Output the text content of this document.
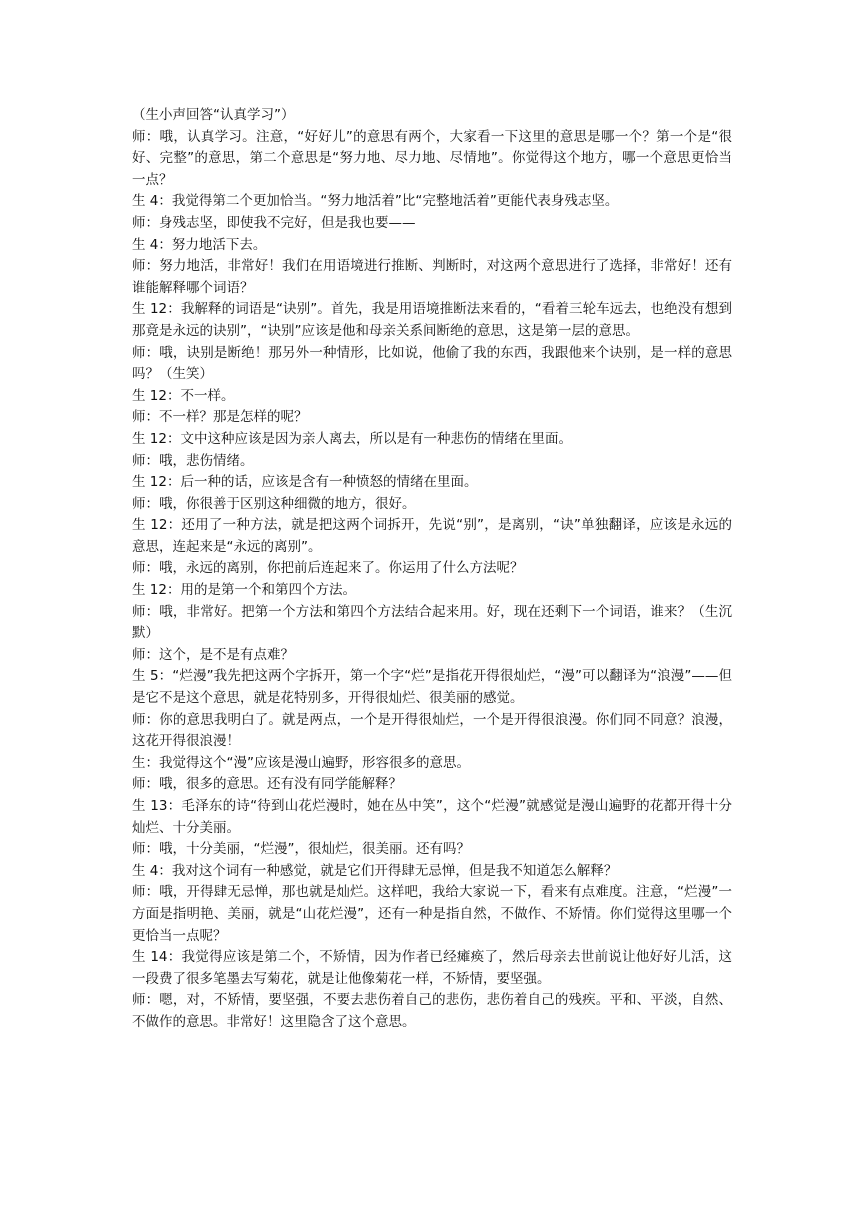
（生小声回答“认真学习”）

师：哦，认真学习。注意，“好好儿”的意思有两个，大家看一下这里的意思是哪一个？第一个是“很好、完整”的意思，第二个意思是“努力地、尽力地、尽情地”。你觉得这个地方，哪一个意思更恰当一点？

生 4：我觉得第二个更加恰当。“努力地活着”比“完整地活着”更能代表身残志坚。

师：身残志坚，即使我不完好，但是我也要——

生 4：努力地活下去。

师：努力地活，非常好！我们在用语境进行推断、判断时，对这两个意思进行了选择，非常好！还有谁能解释哪个词语？

生 12：我解释的词语是“诀别”。首先，我是用语境推断法来看的，“看着三轮车远去，也绝没有想到那竟是永远的诀别”，“诀别”应该是他和母亲关系间断绝的意思，这是第一层的意思。

师：哦，诀别是断绝！那另外一种情形，比如说，他偷了我的东西，我跟他来个诀别，是一样的意思吗？（生笑）

生 12：不一样。

师：不一样？那是怎样的呢？

生 12：文中这种应该是因为亲人离去，所以是有一种悲伤的情绪在里面。

师：哦，悲伤情绪。

生 12：后一种的话，应该是含有一种愤怒的情绪在里面。

师：哦，你很善于区别这种细微的地方，很好。

生 12：还用了一种方法，就是把这两个词拆开，先说“别”，是离别，“诀”单独翻译，应该是永远的意思，连起来是“永远的离别”。

师：哦，永远的离别，你把前后连起来了。你运用了什么方法呢？

生 12：用的是第一个和第四个方法。

师：哦，非常好。把第一个方法和第四个方法结合起来用。好，现在还剩下一个词语，谁来？（生沉默）

师：这个，是不是有点难？

生 5：“烂漫”我先把这两个字拆开，第一个字“烂”是指花开得很灿烂，“漫”可以翻译为“浪漫”——但是它不是这个意思，就是花特别多，开得很灿烂、很美丽的感觉。

师：你的意思我明白了。就是两点，一个是开得很灿烂，一个是开得很浪漫。你们同不同意？浪漫，这花开得很浪漫！

生：我觉得这个“漫”应该是漫山遍野，形容很多的意思。

师：哦，很多的意思。还有没有同学能解释？

生 13：毛泽东的诗“待到山花烂漫时，她在丛中笑”，这个“烂漫”就感觉是漫山遍野的花都开得十分灿烂、十分美丽。

师：哦，十分美丽，“烂漫”，很灿烂，很美丽。还有吗？

生 4：我对这个词有一种感觉，就是它们开得肆无忌惮，但是我不知道怎么解释？

师：哦，开得肆无忌惮，那也就是灿烂。这样吧，我给大家说一下，看来有点难度。注意，“烂漫”一方面是指明艳、美丽，就是“山花烂漫”，还有一种是指自然，不做作、不矫情。你们觉得这里哪一个更恰当一点呢？

生 14：我觉得应该是第二个，不矫情，因为作者已经瘫痪了，然后母亲去世前说让他好好儿活，这一段费了很多笔墨去写菊花，就是让他像菊花一样，不矫情，要坚强。

师：嗯，对，不矫情，要坚强，不要去悲伤着自己的悲伤，悲伤着自己的残疾。平和、平淡，自然、不做作的意思。非常好！这里隐含了这个意思。
